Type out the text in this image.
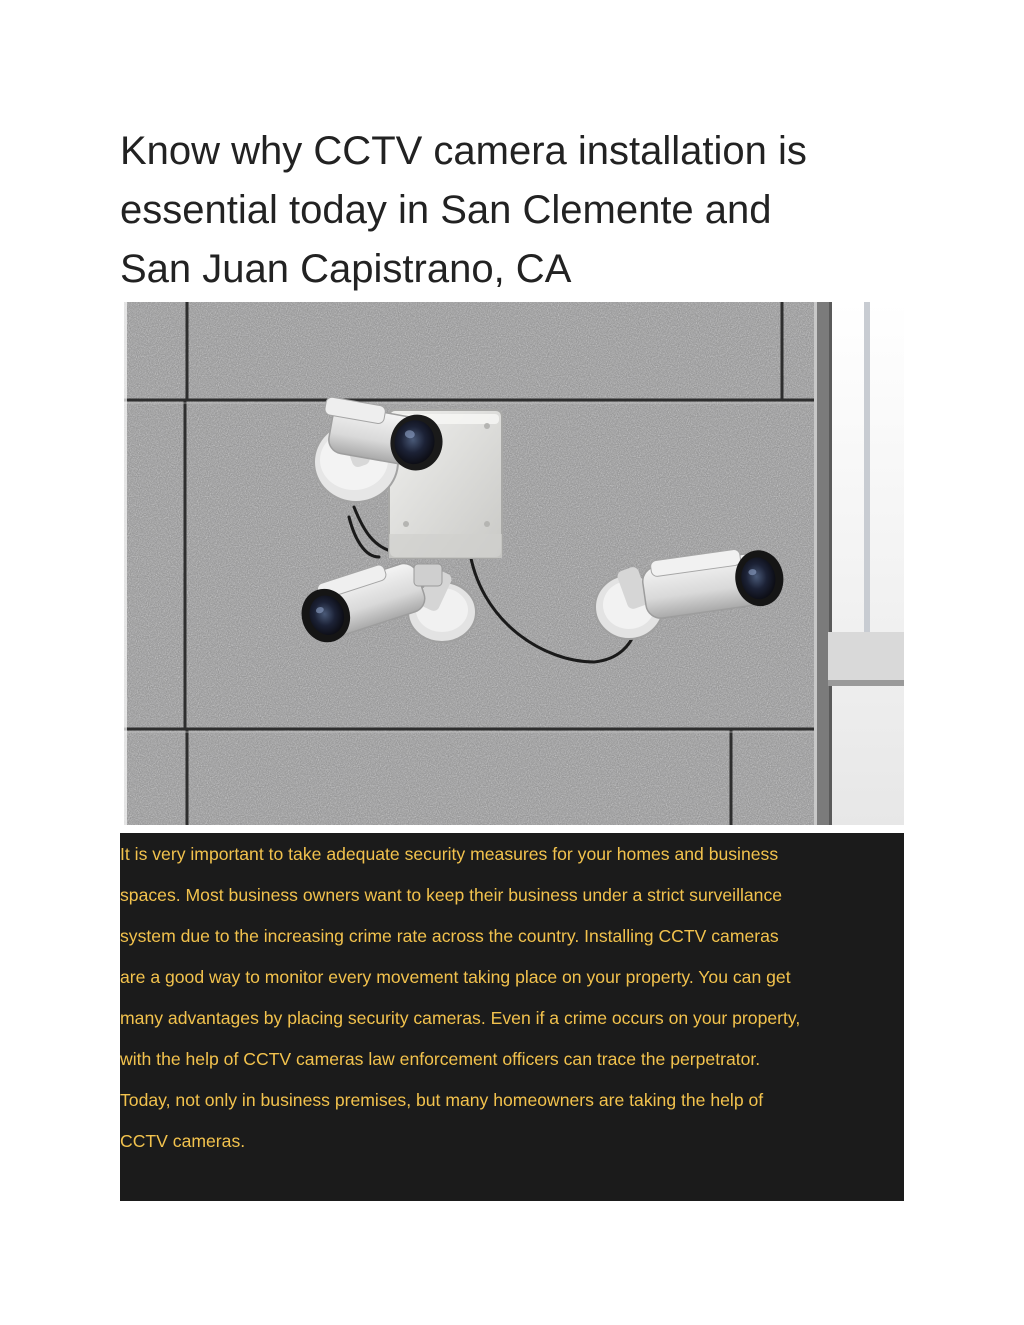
Know why CCTV camera installation is
essential today in San Clemente and
San Juan Capistrano, CA
It is very important to take adequate security measures for your homes and business
spaces. Most business owners want to keep their business under a strict surveillance
system due to the increasing crime rate across the country. Installing CCTV cameras
are a good way to monitor every movement taking place on your property. You can get
many advantages by placing security cameras. Even if a crime occurs on your property,
with the help of CCTV cameras law enforcement officers can trace the perpetrator.
Today, not only in business premises, but many homeowners are taking the help of
CCTV cameras.
